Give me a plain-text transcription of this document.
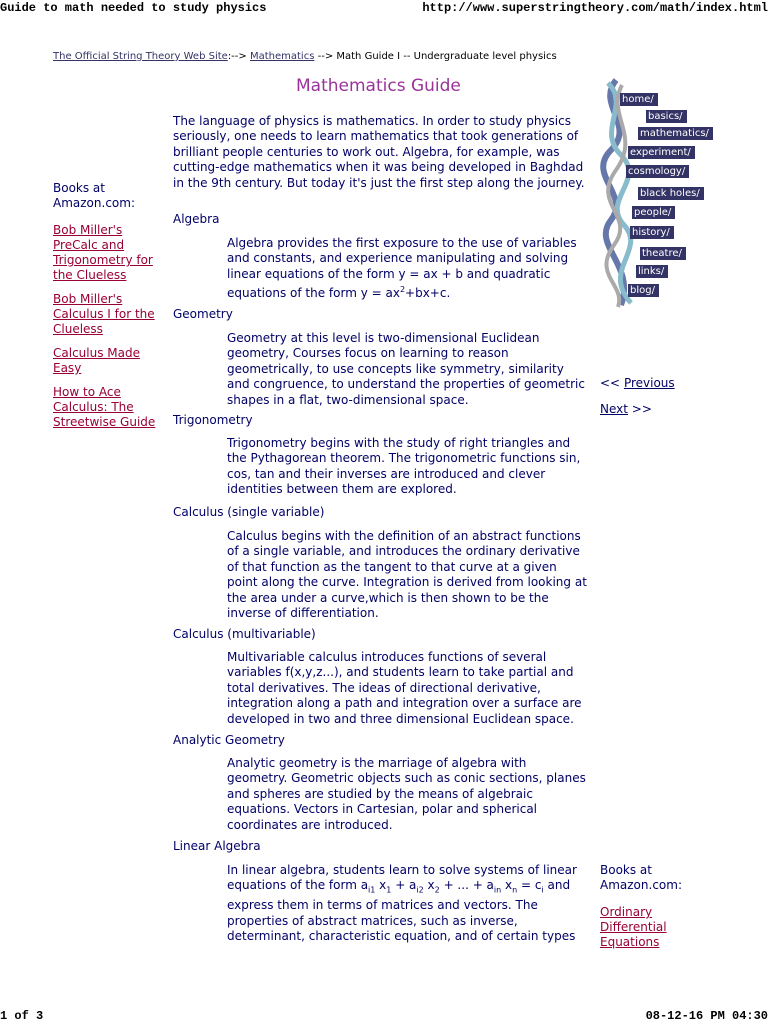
Guide to math needed to study physics	http://www.superstringtheory.com/math/index.html
1 of 3	08-12-16 PM 04:30
The Official String Theory Web Site:--> Mathematics --> Math Guide I -- Undergraduate level physics
Mathematics Guide

The language of physics is mathematics. In order to study physics seriously, one needs to learn mathematics that took generations of brilliant people centuries to work out. Algebra, for example, was cutting-edge mathematics when it was being developed in Baghdad in the 9th century. But today it's just the first step along the journey.

Books at Amazon.com:
Bob Miller's PreCalc and Trigonometry for the Clueless
Bob Miller's Calculus I for the Clueless
Calculus Made Easy
How to Ace Calculus: The Streetwise Guide
home/
basics/
mathematics/
experiment/
cosmology/
black holes/
people/
history/
theatre/
links/
blog/
<< Previous
Next >>
Books at Amazon.com:
Ordinary Differential Equations
Algebra

Algebra provides the first exposure to the use of variables and constants, and experience manipulating and solving linear equations of the form y = ax + b and quadratic equations of the form $y = ax^2+bx+c$.

Geometry

Geometry at this level is two-dimensional Euclidean geometry, Courses focus on learning to reason geometrically, to use concepts like symmetry, similarity and congruence, to understand the properties of geometric shapes in a flat, two-dimensional space.

Trigonometry

Trigonometry begins with the study of right triangles and the Pythagorean theorem. The trigonometric functions sin, cos, tan and their inverses are introduced and clever identities between them are explored.

Calculus (single variable)

Calculus begins with the definition of an abstract functions of a single variable, and introduces the ordinary derivative of that function as the tangent to that curve at a given point along the curve. Integration is derived from looking at the area under a curve,which is then shown to be the inverse of differentiation.

Calculus (multivariable)

Multivariable calculus introduces functions of several variables f(x,y,z...), and students learn to take partial and total derivatives. The ideas of directional derivative, integration along a path and integration over a surface are developed in two and three dimensional Euclidean space.

Analytic Geometry

Analytic geometry is the marriage of algebra with geometry. Geometric objects such as conic sections, planes and spheres are studied by the means of algebraic equations. Vectors in Cartesian, polar and spherical coordinates are introduced.

Linear Algebra

In linear algebra, students learn to solve systems of linear equations of the form $a_{i1}$ $x_1 + a_{i2}$ $x_2$ + ... + $a_{in}$ $x_n = c_i$ and express them in terms of matrices and vectors. The properties of abstract matrices, such as inverse, determinant, characteristic equation, and of certain types
